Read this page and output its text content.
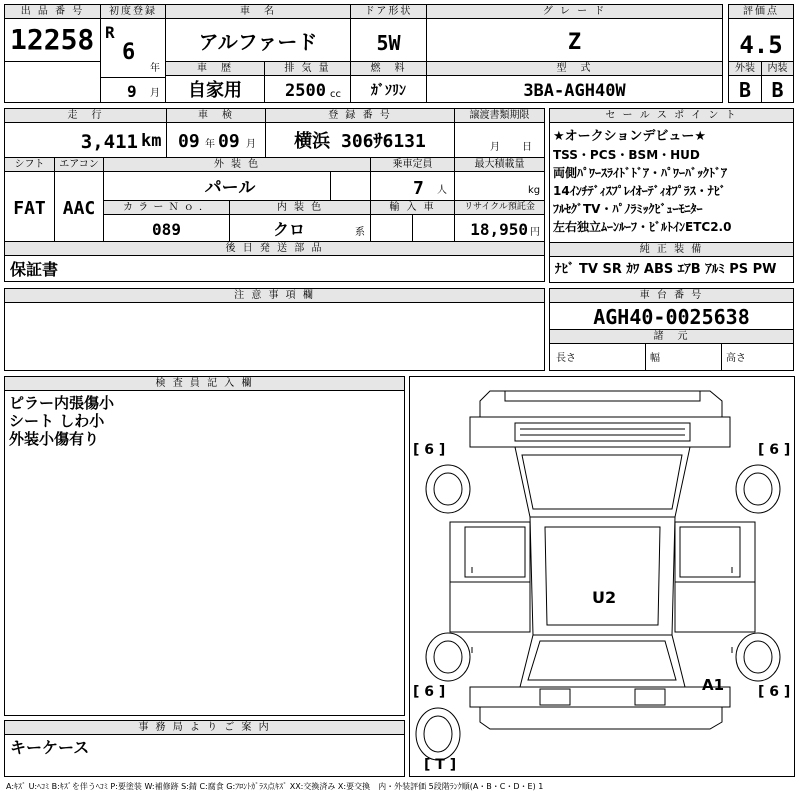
出 品 番 号
12258
初度登録
R
6
年
9 月
車　名
アルファード
ドア形状
5W
グ レ ー ド
Z
評価点
4.5
車　歴
自家用
排 気 量
2500 cc
燃　料
ｶﾞｿﾘﾝ
型　式
3BA-AGH40W
外装
B
内装
B
走　行
3,411 km
車　検
09 年 09 月
登 録 番 号
横浜 306ｻ6131
譲渡書類期限
月 日
シフト
FAT
エアコン
AAC
外 装 色
パール
乗車定員
7 人
最大積載量
kg
カ ラ ー Ｎ ｏ ．
089
内 装 色
クロ	系
輸 入 車	リサイクル預託金
18,950 円
後 日 発 送 部 品
保証書
セ ー ル ス ポ イ ン ト
★オークションデビュー★
TSS・PCS・BSM・HUD
両側ﾊﾟﾜｰｽﾗｲﾄﾞﾄﾞｱ・ﾊﾟﾜｰﾊﾞｯｸﾄﾞｱ
14ｲﾝﾁﾃﾞｨｽﾌﾟﾚｲｵｰﾃﾞｨｵﾌﾟﾗｽ・ﾅﾋﾞ
ﾌﾙｾｸﾞTV・ﾊﾟﾉﾗﾐｯｸﾋﾞｭｰﾓﾆﾀｰ
左右独立ﾑｰﾝﾙｰﾌ・ﾋﾞﾙﾄｲﾝETC2.0
純 正 装 備
ﾅﾋﾞ TV SR ｶﾜ ABS ｴｱB ｱﾙﾐ PS PW
注 意 事 項 欄	車 台 番 号
AGH40-0025638
諸　元
長さ	幅	高さ
検 査 員 記 入 欄
ピラー内張傷小
シート しわ小
外装小傷有り
事 務 局 よ り ご 案 内
キーケース
[ 6 ]	[ 6 ]
[ 6 ]	[ 6 ]
[ T ]
U2
A1
A:ｷｽﾞ U:ﾍｺﾐ B:ｷｽﾞを伴うﾍｺﾐ P:要塗装 W:補修跡 S:錆 C:腐食 G:ﾌﾛﾝﾄｶﾞﾗｽ点ｷｽﾞ XX:交換済み X:要交換　内・外装評価 5段階ﾗﾝｸ順(A・B・C・D・E) 1
